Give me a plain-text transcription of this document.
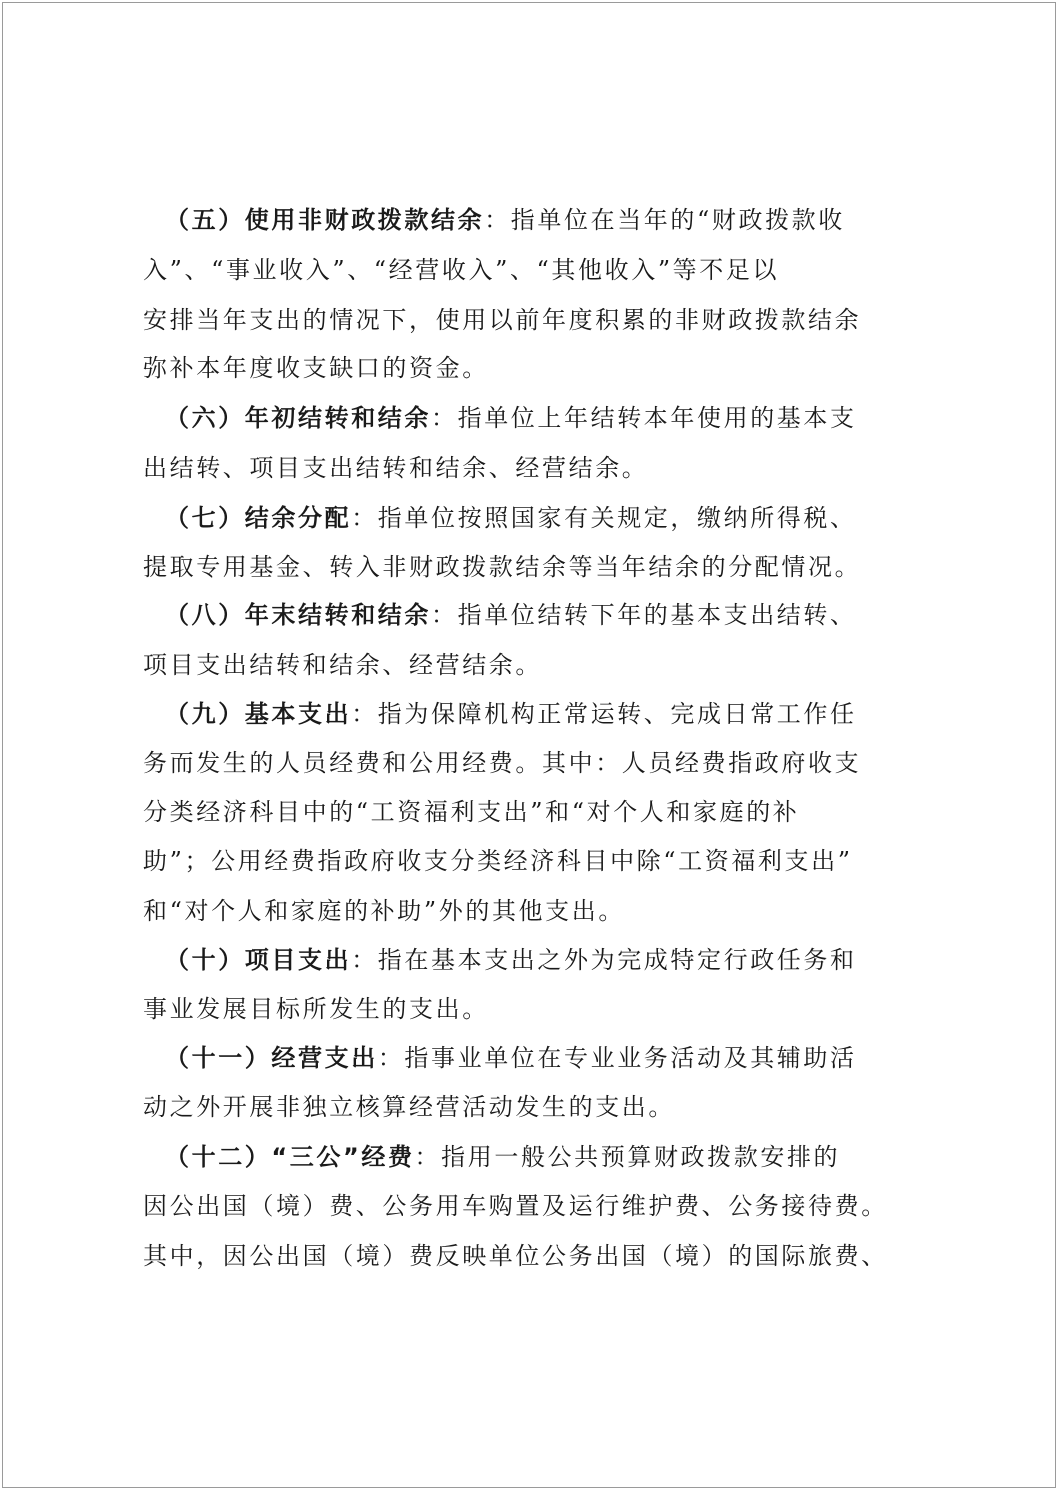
（五）使用非财政拨款结余：指单位在当年的“财政拨款收
入”、“事业收入”、“经营收入”、“其他收入”等不足以
安排当年支出的情况下，使用以前年度积累的非财政拨款结余
弥补本年度收支缺口的资金。
（六）年初结转和结余：指单位上年结转本年使用的基本支
出结转、项目支出结转和结余、经营结余。
（七）结余分配：指单位按照国家有关规定，缴纳所得税、
提取专用基金、转入非财政拨款结余等当年结余的分配情况。
（八）年末结转和结余：指单位结转下年的基本支出结转、
项目支出结转和结余、经营结余。
（九）基本支出：指为保障机构正常运转、完成日常工作任
务而发生的人员经费和公用经费。其中：人员经费指政府收支
分类经济科目中的“工资福利支出”和“对个人和家庭的补
助”；公用经费指政府收支分类经济科目中除“工资福利支出”
和“对个人和家庭的补助”外的其他支出。
（十）项目支出：指在基本支出之外为完成特定行政任务和
事业发展目标所发生的支出。
（十一）经营支出：指事业单位在专业业务活动及其辅助活
动之外开展非独立核算经营活动发生的支出。
（十二）“三公”经费：指用一般公共预算财政拨款安排的
因公出国（境）费、公务用车购置及运行维护费、公务接待费。
其中，因公出国（境）费反映单位公务出国（境）的国际旅费、
